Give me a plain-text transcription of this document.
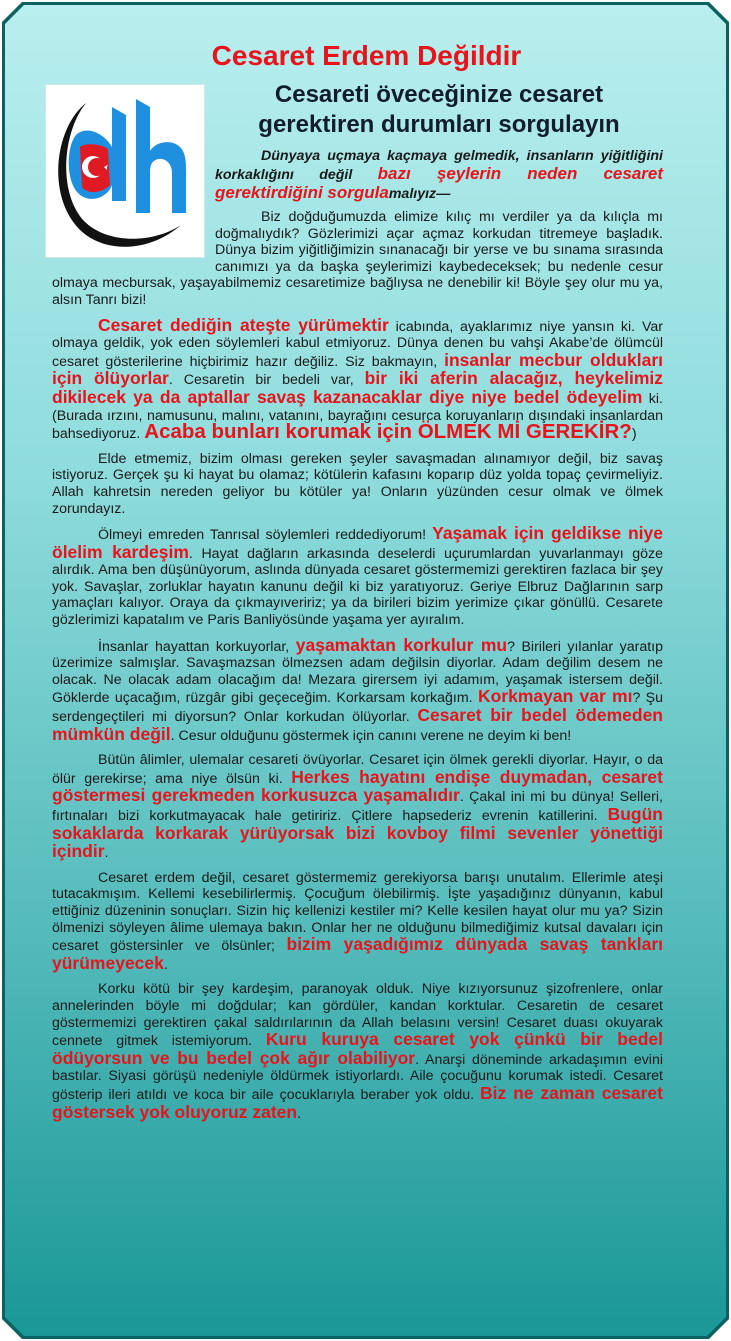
Cesaret Erdem Değildir
Cesareti öveceğinize cesaret gerektiren durumları sorgulayın

Dünyaya uçmaya kaçmaya gelmedik, insanların yiğitliğini korkaklığını değil bazı şeylerin neden cesaret gerektirdiğini sorgulamalıyız—

Biz doğduğumuzda elimize kılıç mı verdiler ya da kılıçla mı doğmalıydık? Gözlerimizi açar açmaz korkudan titremeye başladık. Dünya bizim yiğitliğimizin sınanacağı bir yerse ve bu sınama sırasında canımızı ya da başka şeylerimizi kaybedeceksek; bu nedenle cesur olmaya mecbursak, yaşayabilmemiz cesaretimize bağlıysa ne denebilir ki! Böyle şey olur mu ya, alsın Tanrı bizi!

Cesaret dediğin ateşte yürümektir icabında, ayaklarımız niye yansın ki. Var olmaya geldik, yok eden söylemleri kabul etmiyoruz. Dünya denen bu vahşi Akabe’de ölümcül cesaret gösterilerine hiçbirimiz hazır değiliz. Siz bakmayın, insanlar mecbur oldukları için ölüyorlar. Cesaretin bir bedeli var, bir iki aferin alacağız, heykelimiz dikilecek ya da aptallar savaş kazanacaklar diye niye bedel ödeyelim ki. (Burada ırzını, namusunu, malını, vatanını, bayrağını cesurca koruyanların dışındaki insanlardan bahsediyoruz. Acaba bunları korumak için ÖLMEK Mİ GEREKİR?)

Elde etmemiz, bizim olması gereken şeyler savaşmadan alınamıyor değil, biz savaş istiyoruz. Gerçek şu ki hayat bu olamaz; kötülerin kafasını koparıp düz yolda topaç çevirmeliyiz. Allah kahretsin nereden geliyor bu kötüler ya! Onların yüzünden cesur olmak ve ölmek zorundayız.

Ölmeyi emreden Tanrısal söylemleri reddediyorum! Yaşamak için geldikse niye ölelim kardeşim. Hayat dağların arkasında deselerdi uçurumlardan yuvarlanmayı göze alırdık. Ama ben düşünüyorum, aslında dünyada cesaret göstermemizi gerektiren fazlaca bir şey yok. Savaşlar, zorluklar hayatın kanunu değil ki biz yaratıyoruz. Geriye Elbruz Dağlarının sarp yamaçları kalıyor. Oraya da çıkmayıveririz; ya da birileri bizim yerimize çıkar gönüllü. Cesarete gözlerimizi kapatalım ve Paris Banliyösünde yaşama yer ayıralım.

İnsanlar hayattan korkuyorlar, yaşamaktan korkulur mu? Birileri yılanlar yaratıp üzerimize salmışlar. Savaşmazsan ölmezsen adam değilsin diyorlar. Adam değilim desem ne olacak. Ne olacak adam olacağım da! Mezara girersem iyi adamım, yaşamak istersem değil. Göklerde uçacağım, rüzgâr gibi geçeceğim. Korkarsam korkağım. Korkmayan var mı? Şu serdengeçtileri mi diyorsun? Onlar korkudan ölüyorlar. Cesaret bir bedel ödemeden mümkün değil. Cesur olduğunu göstermek için canını verene ne deyim ki ben!

Bütün âlimler, ulemalar cesareti övüyorlar. Cesaret için ölmek gerekli diyorlar. Hayır, o da ölür gerekirse; ama niye ölsün ki. Herkes hayatını endişe duymadan, cesaret göstermesi gerekmeden korkusuzca yaşamalıdır. Çakal ini mi bu dünya! Selleri, fırtınaları bizi korkutmayacak hale getiririz. Çitlere hapsederiz evrenin katillerini. Bugün sokaklarda korkarak yürüyorsak bizi kovboy filmi sevenler yönettiği içindir.

Cesaret erdem değil, cesaret göstermemiz gerekiyorsa barışı unutalım. Ellerimle ateşi tutacakmışım. Kellemi kesebilirlermiş. Çocuğum ölebilirmiş. İşte yaşadığınız dünyanın, kabul ettiğiniz düzeninin sonuçları. Sizin hiç kellenizi kestiler mi? Kelle kesilen hayat olur mu ya? Sizin ölmenizi söyleyen âlime ulemaya bakın. Onlar her ne olduğunu bilmediğimiz kutsal davaları için cesaret göstersinler ve ölsünler; bizim yaşadığımız dünyada savaş tankları yürümeyecek.

Korku kötü bir şey kardeşim, paranoyak olduk. Niye kızıyorsunuz şizofrenlere, onlar annelerinden böyle mi doğdular; kan gördüler, kandan korktular. Cesaretin de cesaret göstermemizi gerektiren çakal saldırılarının da Allah belasını versin! Cesaret duası okuyarak cennete gitmek istemiyorum. Kuru kuruya cesaret yok çünkü bir bedel ödüyorsun ve bu bedel çok ağır olabiliyor. Anarşi döneminde arkadaşımın evini bastılar. Siyasi görüşü nedeniyle öldürmek istiyorlardı. Aile çocuğunu korumak istedi. Cesaret gösterip ileri atıldı ve koca bir aile çocuklarıyla beraber yok oldu. Biz ne zaman cesaret göstersek yok oluyoruz zaten.
